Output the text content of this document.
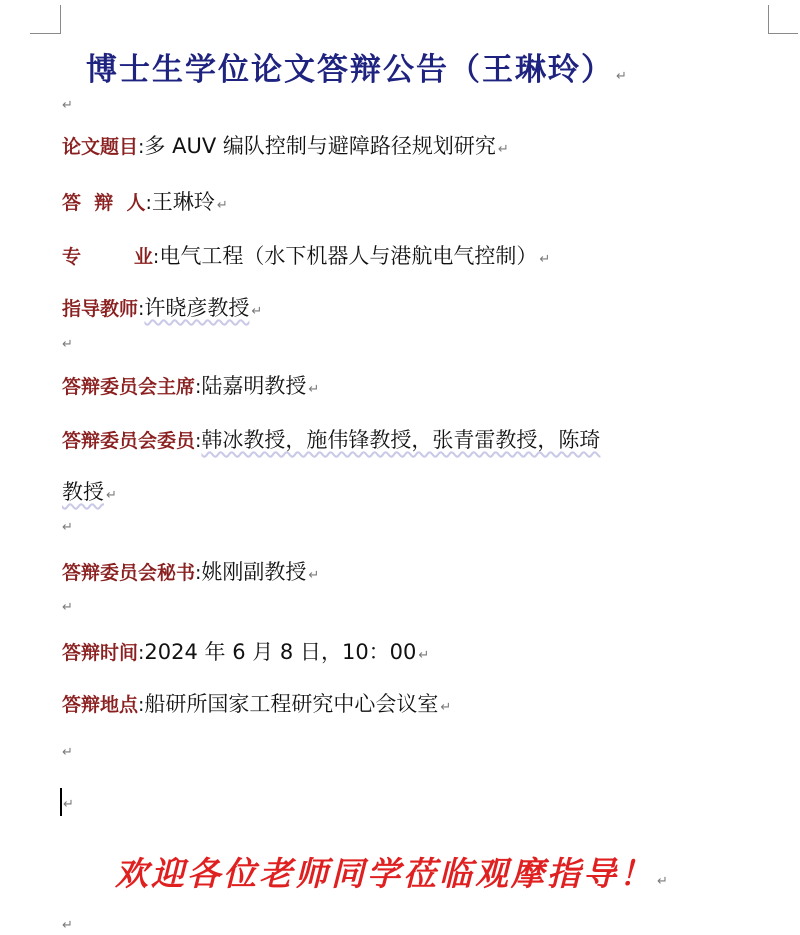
博士生学位论文答辩公告（王琳玲） ↵
↵
论文题目:多 AUV 编队控制与避障路径规划研究 ↵
答  辩  人:王琳玲 ↵
专        业:电气工程（水下机器人与港航电气控制） ↵
指导教师:许晓彦教授 ↵
↵
答辩委员会主席:陆嘉明教授 ↵
答辩委员会委员:韩冰教授，施伟锋教授，张青雷教授，陈琦
教授 ↵
↵
答辩委员会秘书:姚刚副教授 ↵
↵
答辩时间:2024 年 6 月 8 日，10：00 ↵
答辩地点:船研所国家工程研究中心会议室 ↵
↵
↵
欢迎各位老师同学莅临观摩指导！ ↵
↵
